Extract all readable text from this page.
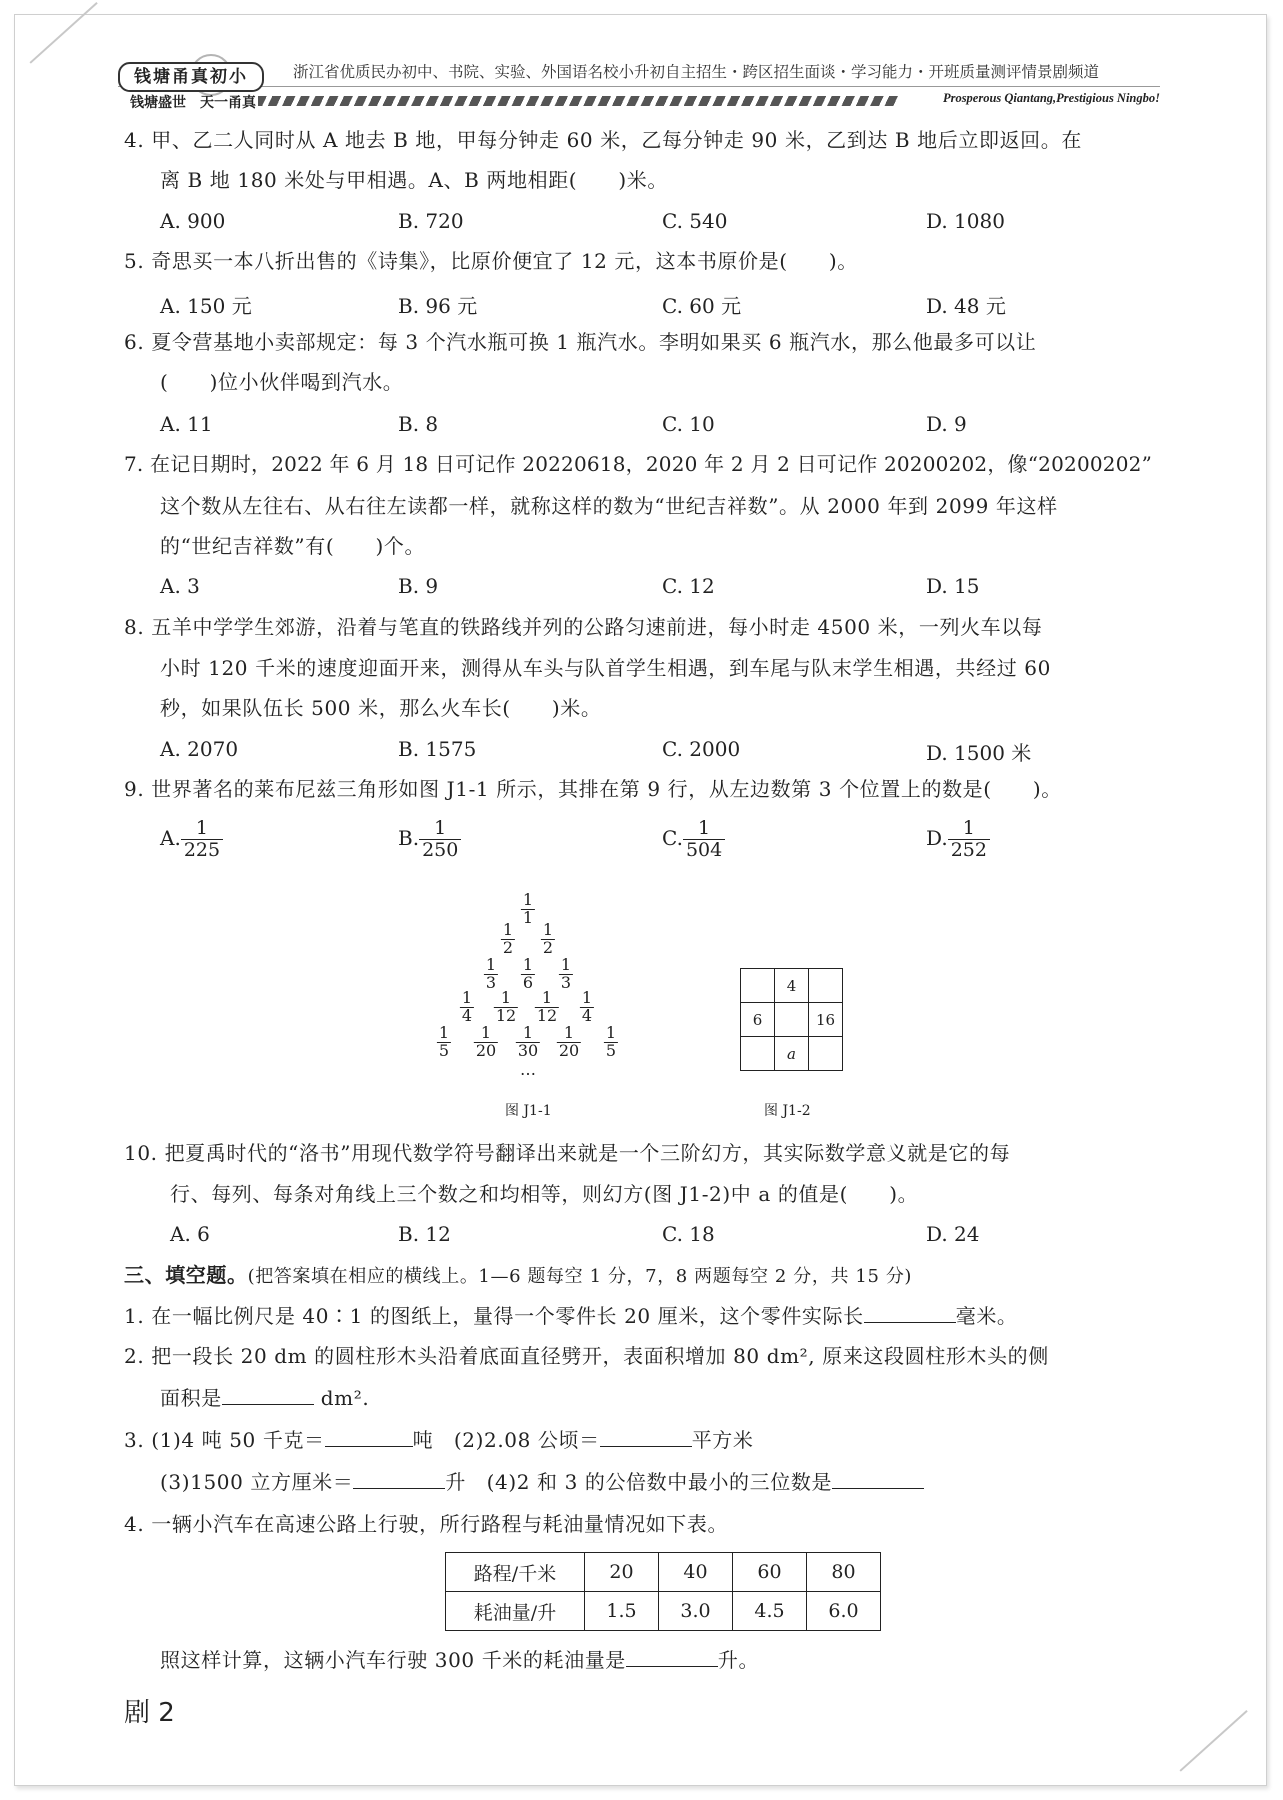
钱塘甬真初小	浙江省优质民办初中、书院、实验、外国语名校小升初自主招生・跨区招生面谈・学习能力・开班质量测评情景剧频道
钱塘盛世　天一甬真	Prosperous Qiantang,Prestigious Ningbo!
4. 甲、乙二人同时从 A 地去 B 地，甲每分钟走 60 米，乙每分钟走 90 米，乙到达 B 地后立即返回。在
离 B 地 180 米处与甲相遇。A、B 两地相距(　　)米。
A. 900	B. 720	C. 540	D. 1080
5. 奇思买一本八折出售的《诗集》，比原价便宜了 12 元，这本书原价是(　　)。
A. 150 元	B. 96 元	C. 60 元	D. 48 元
6. 夏令营基地小卖部规定：每 3 个汽水瓶可换 1 瓶汽水。李明如果买 6 瓶汽水，那么他最多可以让
(　　)位小伙伴喝到汽水。
A. 11	B. 8	C. 10	D. 9
7. 在记日期时，2022 年 6 月 18 日可记作 20220618，2020 年 2 月 2 日可记作 20200202，像“20200202”
这个数从左往右、从右往左读都一样，就称这样的数为“世纪吉祥数”。从 2000 年到 2099 年这样
的“世纪吉祥数”有(　　)个。
A. 3	B. 9	C. 12	D. 15
8. 五羊中学学生郊游，沿着与笔直的铁路线并列的公路匀速前进，每小时走 4500 米，一列火车以每
小时 120 千米的速度迎面开来，测得从车头与队首学生相遇，到车尾与队末学生相遇，共经过 60
秒，如果队伍长 500 米，那么火车长(　　)米。
A. 2070	B. 1575	C. 2000	D. 1500 米
9. 世界著名的莱布尼兹三角形如图 J1-1 所示，其排在第 9 行，从左边数第 3 个位置上的数是(　　)。
A. $\frac{1}{225}$	B. $\frac{1}{250}$	C. $\frac{1}{504}$	D. $\frac{1}{252}$
$\frac{1}{1}$
$\frac{1}{2} \frac{1}{2}$
$\frac{1}{3} \frac{1}{6} \frac{1}{3}$
$\frac{1}{4} \frac{1}{12} \frac{1}{12} \frac{1}{4}$
$\frac{1}{5} \frac{1}{20} \frac{1}{30} \frac{1}{20} \frac{1}{5}$
…
图 J1-1
	4	
6		16
	a	
图 J1-2
10. 把夏禹时代的“洛书”用现代数学符号翻译出来就是一个三阶幻方，其实际数学意义就是它的每
行、每列、每条对角线上三个数之和均相等，则幻方(图 J1-2)中 a 的值是(　　)。
A. 6	B. 12	C. 18	D. 24
三、填空题。(把答案填在相应的横线上。1—6 题每空 1 分，7，8 两题每空 2 分，共 15 分)
1. 在一幅比例尺是 40∶1 的图纸上，量得一个零件长 20 厘米，这个零件实际长	毫米。
2. 把一段长 20 dm 的圆柱形木头沿着底面直径劈开，表面积增加 80 dm², 原来这段圆柱形木头的侧
面积是	dm².
3. (1)4 吨 50 千克＝	吨　 (2)2.08 公顷＝	平方米
(3)1500 立方厘米＝	升　 (4)2 和 3 的公倍数中最小的三位数是
4. 一辆小汽车在高速公路上行驶，所行路程与耗油量情况如下表。
路程/千米	20	40	60	80
耗油量/升	1.5	3.0	4.5	6.0
照这样计算，这辆小汽车行驶 300 千米的耗油量是	升。
剧 2
